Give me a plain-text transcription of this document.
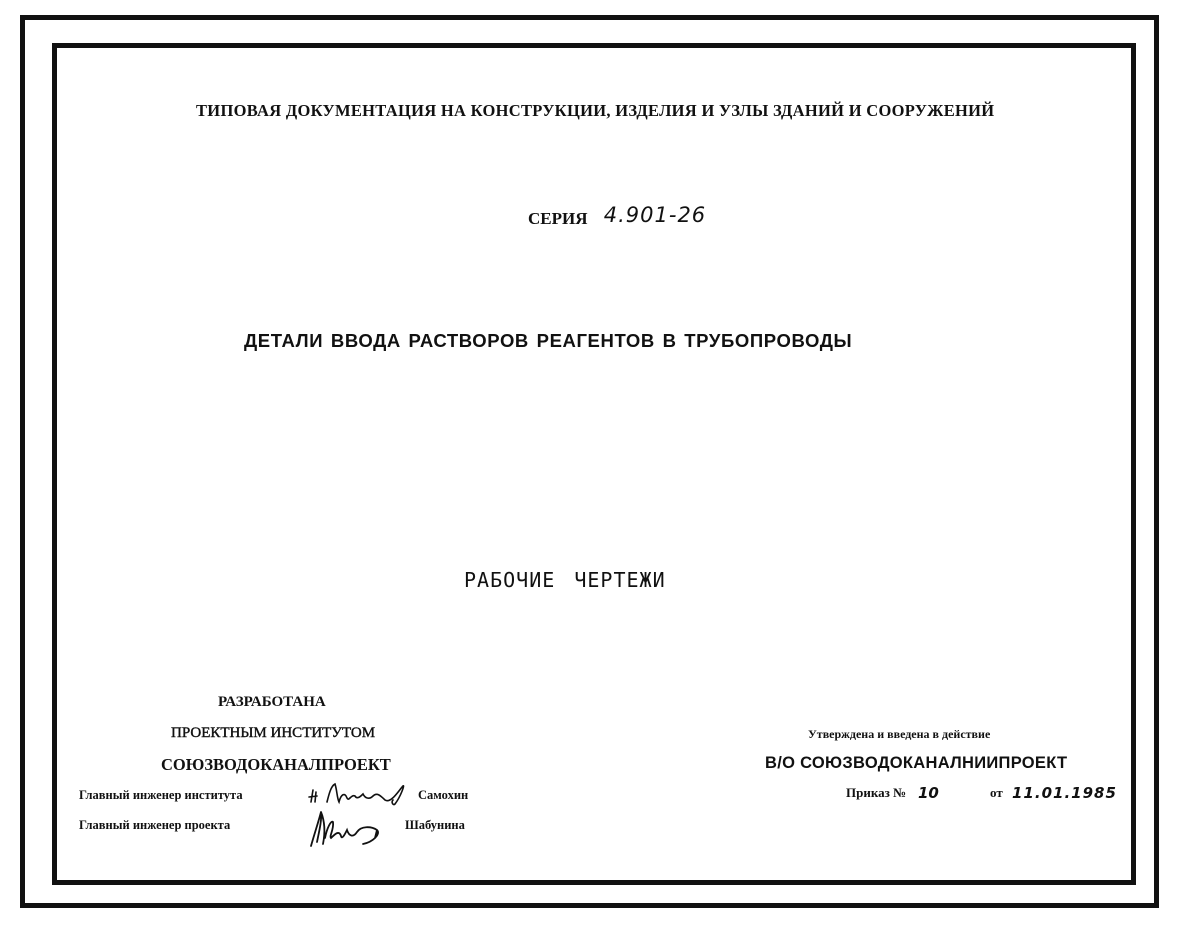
ТИПОВАЯ ДОКУМЕНТАЦИЯ НА КОНСТРУКЦИИ, ИЗДЕЛИЯ И УЗЛЫ ЗДАНИЙ И СООРУЖЕНИЙ
СЕРИЯ 4.901-26
ДЕТАЛИ ВВОДА РАСТВОРОВ РЕАГЕНТОВ В ТРУБОПРОВОДЫ
РАБОЧИЕ ЧЕРТЕЖИ
РАЗРАБОТАНА
ПРОЕКТНЫМ ИНСТИТУТОМ
СОЮЗВОДОКАНАЛПРОЕКТ
Главный инженер института
Главный инженер проекта
Самохин
Шабунина
Утверждена и введена в действие
В/О СОЮЗВОДОКАНАЛНИИПРОЕКТ
Приказ № 10	от 11.01.1985
